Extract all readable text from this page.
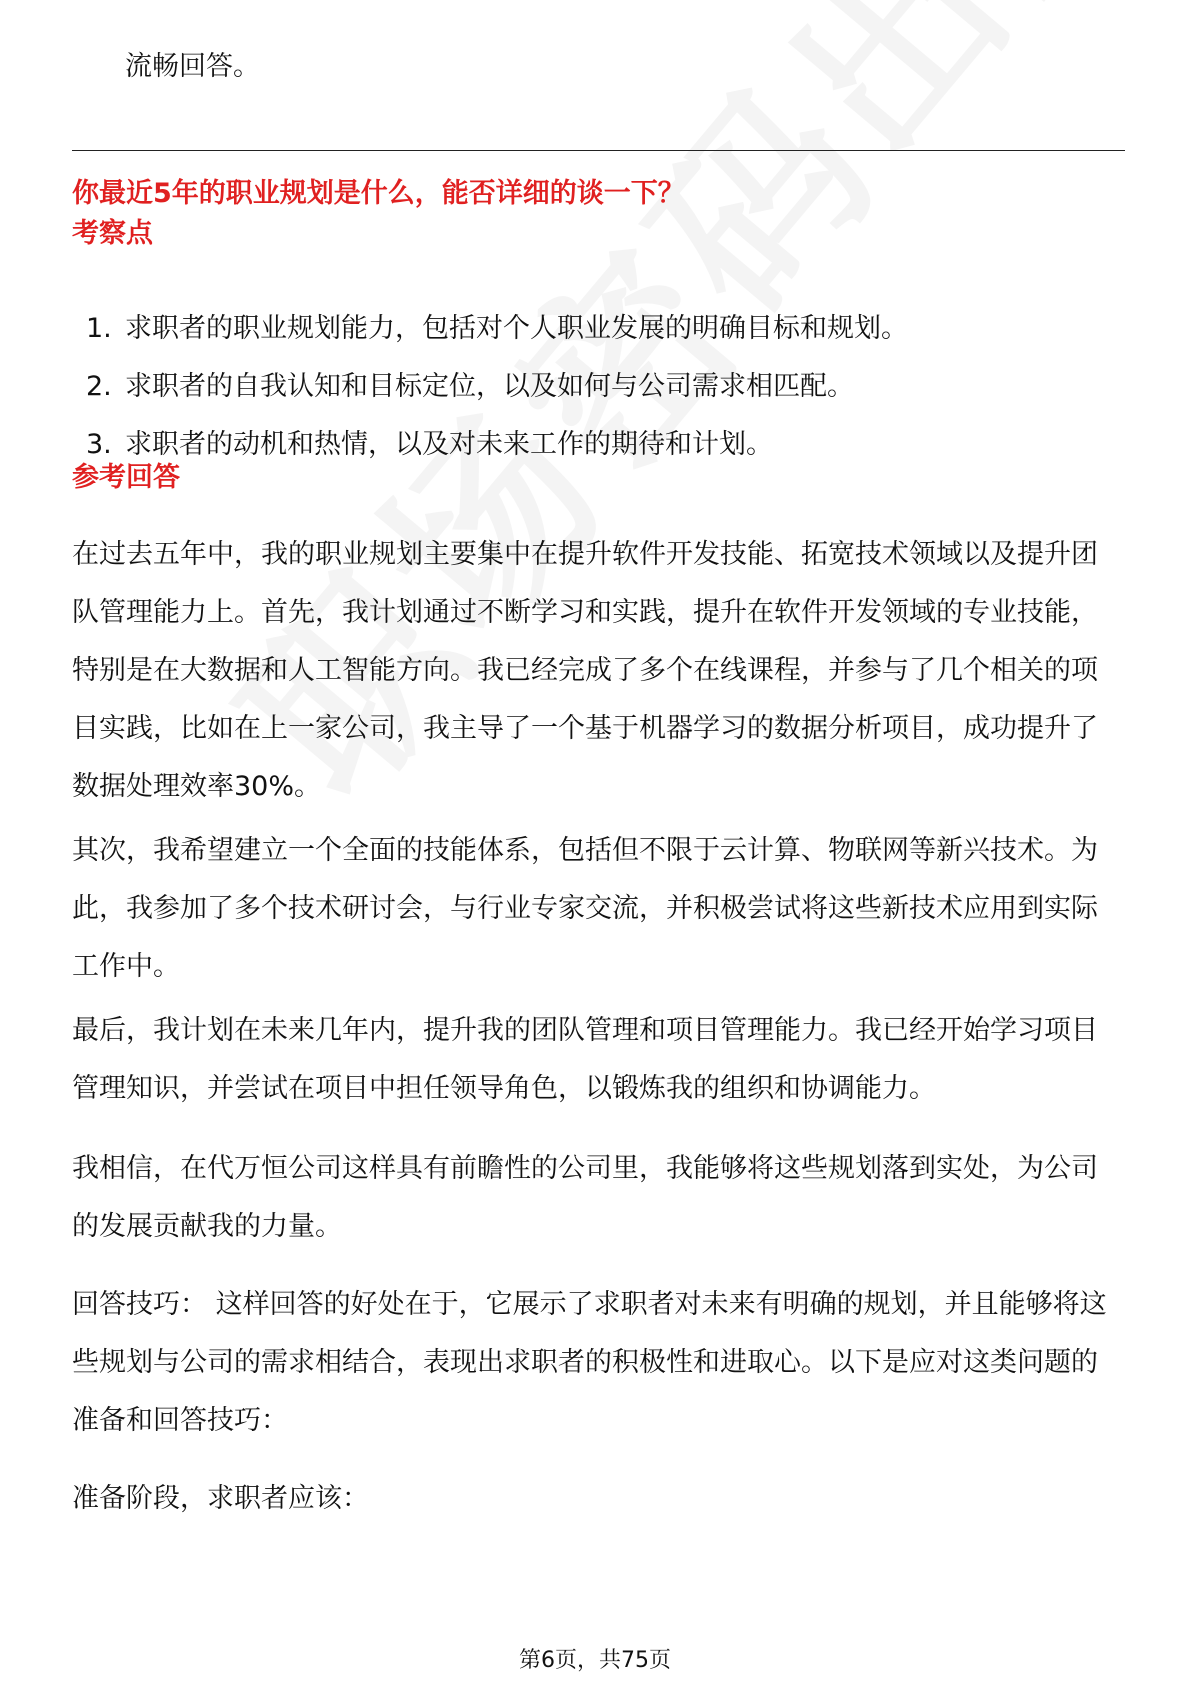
流畅回答。

你最近5年的职业规划是什么，能否详细的谈一下？
考察点
1. 求职者的职业规划能力，包括对个人职业发展的明确目标和规划。
2. 求职者的自我认知和目标定位，以及如何与公司需求相匹配。
3. 求职者的动机和热情，以及对未来工作的期待和计划。
参考回答

在过去五年中，我的职业规划主要集中在提升软件开发技能、拓宽技术领域以及提升团队管理能力上。首先，我计划通过不断学习和实践，提升在软件开发领域的专业技能，特别是在大数据和人工智能方向。我已经完成了多个在线课程，并参与了几个相关的项目实践，比如在上一家公司，我主导了一个基于机器学习的数据分析项目，成功提升了数据处理效率30%。

其次，我希望建立一个全面的技能体系，包括但不限于云计算、物联网等新兴技术。为此，我参加了多个技术研讨会，与行业专家交流，并积极尝试将这些新技术应用到实际工作中。

最后，我计划在未来几年内，提升我的团队管理和项目管理能力。我已经开始学习项目管理知识，并尝试在项目中担任领导角色，以锻炼我的组织和协调能力。

我相信，在代万恒公司这样具有前瞻性的公司里，我能够将这些规划落到实处，为公司的发展贡献我的力量。

回答技巧： 这样回答的好处在于，它展示了求职者对未来有明确的规划，并且能够将这些规划与公司的需求相结合，表现出求职者的积极性和进取心。以下是应对这类问题的准备和回答技巧：

准备阶段，求职者应该：

第6页，共75页
